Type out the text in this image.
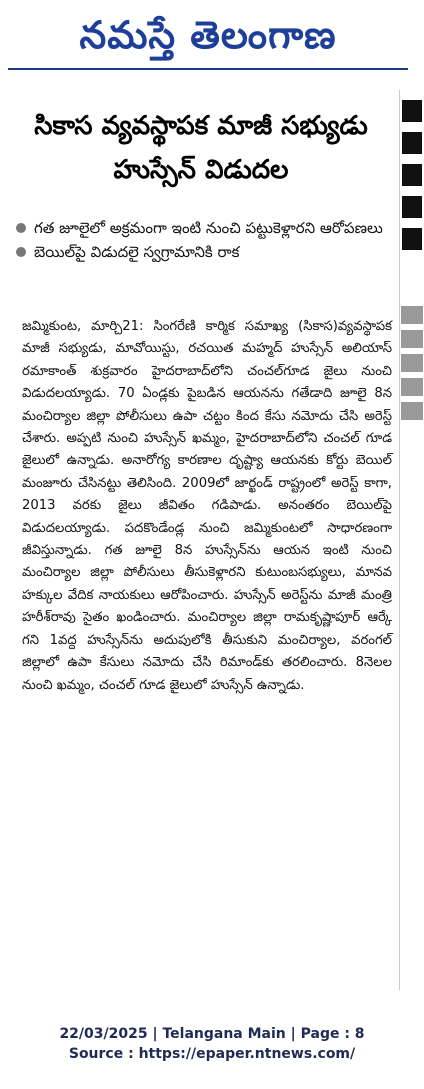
నమస్తే తెలంగాణ
సికాస వ్యవస్థాపక మాజీ సభ్యుడు హుస్సేన్ విడుదల
గత జూలైలో అక్రమంగా ఇంటి నుంచి పట్టుకెళ్లారని ఆరోపణలు
బెయిల్‌పై విడుదలై స్వగ్రామానికి రాక
జమ్మికుంట, మార్చి21: సింగరేణి కార్మిక సమాఖ్య (సికాస)వ్యవస్థాపక మాజీ సభ్యుడు, మావోయిస్టు, రచయిత మహ్మద్ హుస్సేన్ అలియాస్ రమాకాంత్ శుక్రవారం హైదరాబాద్‌లోని చంచల్‌గూడ జైలు నుంచి విడుదలయ్యాడు. 70 ఏండ్లకు పైబడిన ఆయనను గతేడాది జూలై 8న మంచిర్యాల జిల్లా పోలీసులు ఉపా చట్టం కింద కేసు నమోదు చేసి అరెస్ట్ చేశారు. అప్పటి నుంచి హుస్సేన్ ఖమ్మం, హైదరాబాద్‌లోని చంచల్ గూడ జైలులో ఉన్నాడు. అనారోగ్య కారణాల దృష్ట్యా ఆయనకు కోర్టు బెయిల్ మంజూరు చేసినట్టు తెలిసింది. 2009లో జార్ఖండ్ రాష్ట్రంలో అరెస్ట్ కాగా, 2013 వరకు జైలు జీవితం గడిపాడు. అనంతరం బెయిల్‌పై విడుదలయ్యాడు. పదకొండేండ్ల నుంచి జమ్మికుంటలో సాధారణంగా జీవిస్తున్నాడు. గత జూలై 8న హుస్సేన్‌ను ఆయన ఇంటి నుంచి మంచిర్యాల జిల్లా పోలీసులు తీసుకెళ్లారని కుటుంబసభ్యులు, మానవ హక్కుల వేదిక నాయకులు ఆరోపించారు. హుస్సేన్ అరెస్ట్‌ను మాజీ మంత్రి హరీశ్‌రావు సైతం ఖండించారు. మంచిర్యాల జిల్లా రామకృష్ణాపూర్ ఆర్కే గని 1వద్ద హుస్సేన్‌ను అదుపులోకి తీసుకుని మంచిర్యాల, వరంగల్ జిల్లాలో ఉపా కేసులు నమోదు చేసి రిమాండ్‌కు తరలించారు. 8నెలల నుంచి ఖమ్మం, చంచల్ గూడ జైలులో హుస్సేన్ ఉన్నాడు.
22/03/2025 | Telangana Main | Page : 8
Source : https://epaper.ntnews.com/
